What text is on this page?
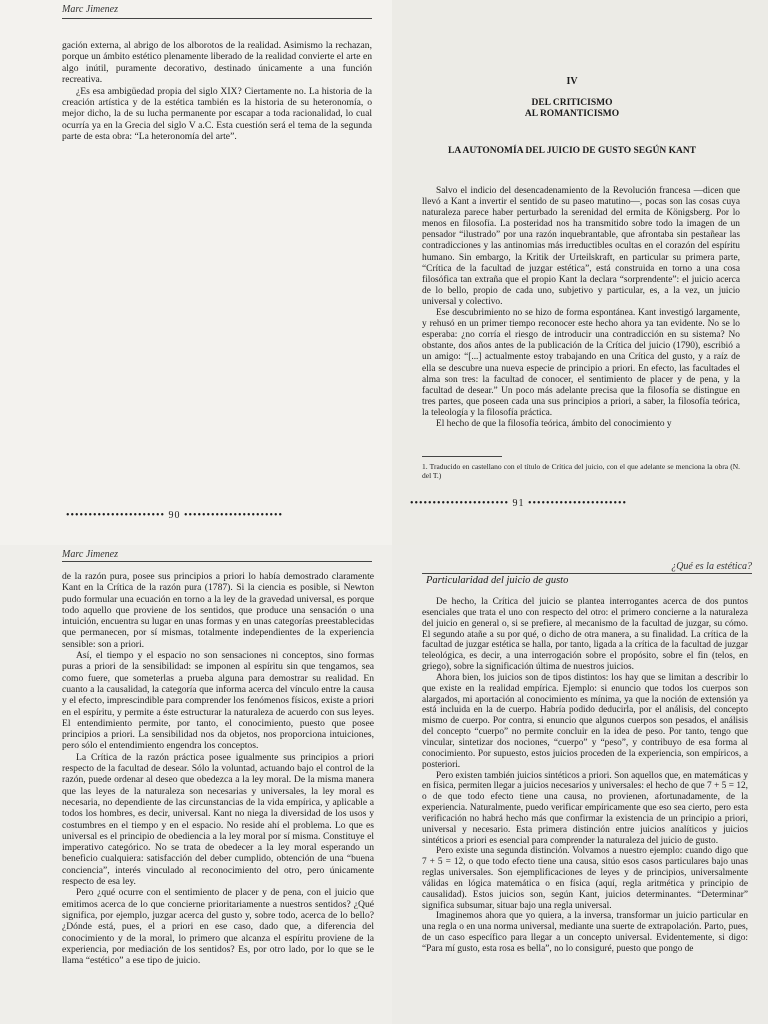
Marc Jimenez

gación externa, al abrigo de los alborotos de la realidad. Asimismo la rechazan, porque un ámbito estético plenamente liberado de la realidad convierte el arte en algo inútil, puramente decorativo, destinado únicamente a una función recreativa.

¿Es esa ambigüedad propia del siglo XIX? Ciertamente no. La historia de la creación artística y de la estética también es la historia de su heteronomía, o mejor dicho, la de su lucha permanente por escapar a toda racionalidad, lo cual ocurría ya en la Grecia del siglo V a.C. Esta cuestión será el tema de la segunda parte de esta obra: “La heteronomía del arte”.

•••••••••••••••••••••• 90 ••••••••••••••••••••••
IV
DEL CRITICISMO
AL ROMANTICISMO
LA AUTONOMÍA DEL JUICIO DE GUSTO SEGÚN KANT

Salvo el indicio del desencadenamiento de la Revolución francesa —dicen que llevó a Kant a invertir el sentido de su paseo matutino—, pocas son las cosas cuya naturaleza parece haber perturbado la serenidad del ermita de Königsberg. Por lo menos en filosofía. La posteridad nos ha transmitido sobre todo la imagen de un pensador “ilustrado” por una razón inquebrantable, que afrontaba sin pestañear las contradicciones y las antinomias más irreductibles ocultas en el corazón del espíritu humano. Sin embargo, la Kritik der Urteilskraft, en particular su primera parte, “Crítica de la facultad de juzgar estética”, está construida en torno a una cosa filosófica tan extraña que el propio Kant la declara “sorprendente”: el juicio acerca de lo bello, propio de cada uno, subjetivo y particular, es, a la vez, un juicio universal y colectivo.

Ese descubrimiento no se hizo de forma espontánea. Kant investigó largamente, y rehusó en un primer tiempo reconocer este hecho ahora ya tan evidente. No se lo esperaba: ¿no corría el riesgo de introducir una contradicción en su sistema? No obstante, dos años antes de la publicación de la Crítica del juicio (1790), escribió a un amigo: “[...] actualmente estoy trabajando en una Crítica del gusto, y a raíz de ella se descubre una nueva especie de principio a priori. En efecto, las facultades el alma son tres: la facultad de conocer, el sentimiento de placer y de pena, y la facultad de desear.” Un poco más adelante precisa que la filosofía se distingue en tres partes, que poseen cada una sus principios a priori, a saber, la filosofía teórica, la teleología y la filosofía práctica.

El hecho de que la filosofía teórica, ámbito del conocimiento y

1. Traducido en castellano con el título de Crítica del juicio, con el que adelante se menciona la obra (N. del T.)
•••••••••••••••••••••• 91 ••••••••••••••••••••••
Marc Jimenez

de la razón pura, posee sus principios a priori lo había demostrado claramente Kant en la Crítica de la razón pura (1787). Si la ciencia es posible, si Newton pudo formular una ecuación en torno a la ley de la gravedad universal, es porque todo aquello que proviene de los sentidos, que produce una sensación o una intuición, encuentra su lugar en unas formas y en unas categorías preestablecidas que permanecen, por sí mismas, totalmente independientes de la experiencia sensible: son a priori.

Así, el tiempo y el espacio no son sensaciones ni conceptos, sino formas puras a priori de la sensibilidad: se imponen al espíritu sin que tengamos, sea como fuere, que someterlas a prueba alguna para demostrar su realidad. En cuanto a la causalidad, la categoría que informa acerca del vínculo entre la causa y el efecto, imprescindible para comprender los fenómenos físicos, existe a priori en el espíritu, y permite a éste estructurar la naturaleza de acuerdo con sus leyes. El entendimiento permite, por tanto, el conocimiento, puesto que posee principios a priori. La sensibilidad nos da objetos, nos proporciona intuiciones, pero sólo el entendimiento engendra los conceptos.

La Crítica de la razón práctica posee igualmente sus principios a priori respecto de la facultad de desear. Sólo la voluntad, actuando bajo el control de la razón, puede ordenar al deseo que obedezca a la ley moral. De la misma manera que las leyes de la naturaleza son necesarias y universales, la ley moral es necesaria, no dependiente de las circunstancias de la vida empírica, y aplicable a todos los hombres, es decir, universal. Kant no niega la diversidad de los usos y costumbres en el tiempo y en el espacio. No reside ahí el problema. Lo que es universal es el principio de obediencia a la ley moral por sí misma. Constituye el imperativo categórico. No se trata de obedecer a la ley moral esperando un beneficio cualquiera: satisfacción del deber cumplido, obtención de una “buena conciencia”, interés vinculado al reconocimiento del otro, pero únicamente respecto de esa ley.

Pero ¿qué ocurre con el sentimiento de placer y de pena, con el juicio que emitimos acerca de lo que concierne prioritariamente a nuestros sentidos? ¿Qué significa, por ejemplo, juzgar acerca del gusto y, sobre todo, acerca de lo bello? ¿Dónde está, pues, el a priori en ese caso, dado que, a diferencia del conocimiento y de la moral, lo primero que alcanza el espíritu proviene de la experiencia, por mediación de los sentidos? Es, por otro lado, por lo que se le llama “estético” a ese tipo de juicio.

¿Qué es la estética?
Particularidad del juicio de gusto

De hecho, la Crítica del juicio se plantea interrogantes acerca de dos puntos esenciales que trata el uno con respecto del otro: el primero concierne a la naturaleza del juicio en general o, si se prefiere, al mecanismo de la facultad de juzgar, su cómo. El segundo atañe a su por qué, o dicho de otra manera, a su finalidad. La crítica de la facultad de juzgar estética se halla, por tanto, ligada a la crítica de la facultad de juzgar teleológica, es decir, a una interrogación sobre el propósito, sobre el fin (telos, en griego), sobre la significación última de nuestros juicios.

Ahora bien, los juicios son de tipos distintos: los hay que se limitan a describir lo que existe en la realidad empírica. Ejemplo: si enuncio que todos los cuerpos son alargados, mi aportación al conocimiento es mínima, ya que la noción de extensión ya está incluida en la de cuerpo. Habría podido deducirla, por el análisis, del concepto mismo de cuerpo. Por contra, si enuncio que algunos cuerpos son pesados, el análisis del concepto “cuerpo” no permite concluir en la idea de peso. Por tanto, tengo que vincular, sintetizar dos nociones, “cuerpo” y “peso”, y contribuyo de esa forma al conocimiento. Por supuesto, estos juicios proceden de la experiencia, son empíricos, a posteriori.

Pero existen también juicios sintéticos a priori. Son aquellos que, en matemáticas y en física, permiten llegar a juicios necesarios y universales: el hecho de que 7 + 5 = 12, o de que todo efecto tiene una causa, no provienen, afortunadamente, de la experiencia. Naturalmente, puedo verificar empíricamente que eso sea cierto, pero esta verificación no habrá hecho más que confirmar la existencia de un principio a priori, universal y necesario. Esta primera distinción entre juicios analíticos y juicios sintéticos a priori es esencial para comprender la naturaleza del juicio de gusto.

Pero existe una segunda distinción. Volvamos a nuestro ejemplo: cuando digo que 7 + 5 = 12, o que todo efecto tiene una causa, sitúo esos casos particulares bajo unas reglas universales. Son ejemplificaciones de leyes y de principios, universalmente válidas en lógica matemática o en física (aquí, regla aritmética y principio de causalidad). Estos juicios son, según Kant, juicios determinantes. “Determinar” significa subsumar, situar bajo una regla universal.

Imaginemos ahora que yo quiera, a la inversa, transformar un juicio particular en una regla o en una norma universal, mediante una suerte de extrapolación. Parto, pues, de un caso específico para llegar a un concepto universal. Evidentemente, si digo: “Para mí gusto, esta rosa es bella”, no lo consiguré, puesto que pongo de
